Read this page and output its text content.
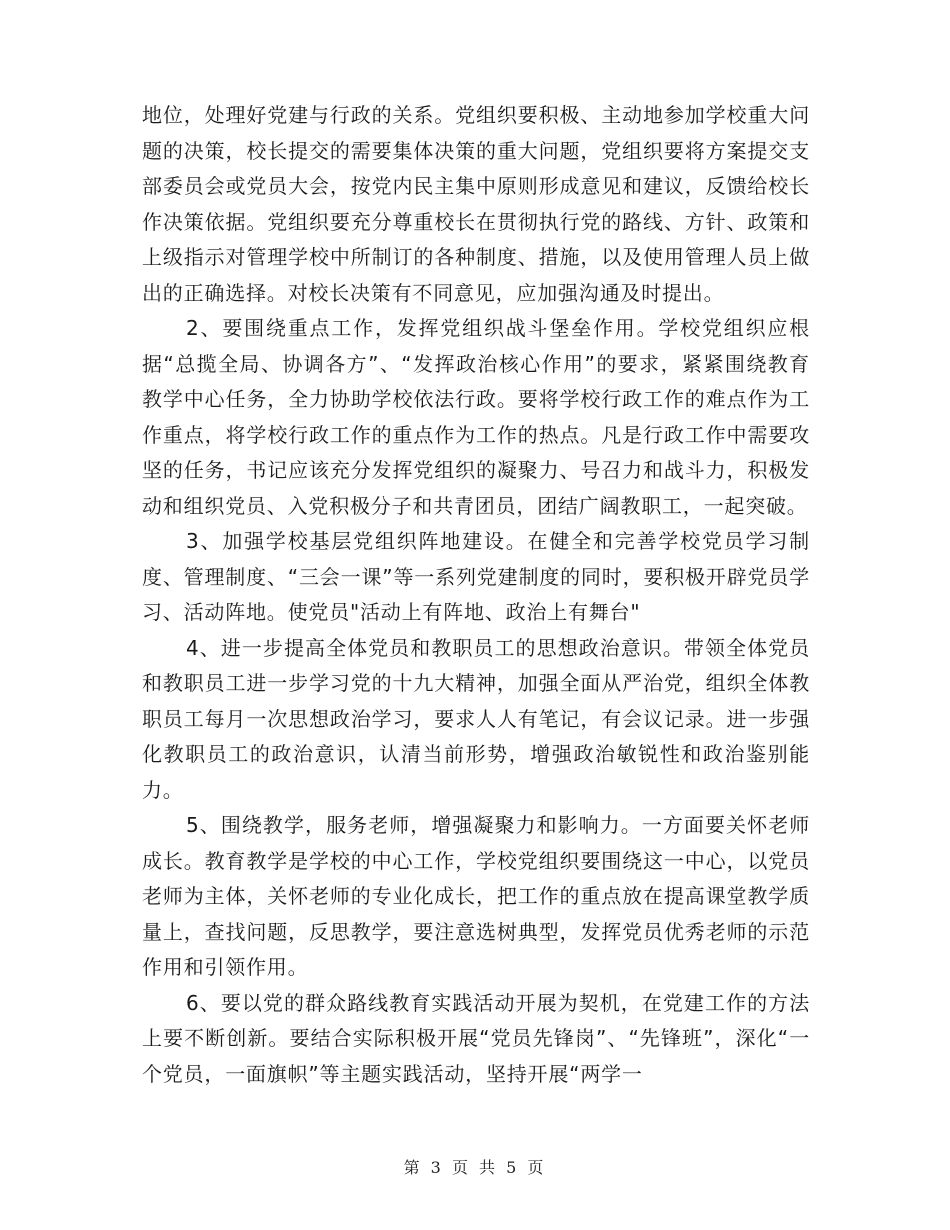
地位，处理好党建与行政的关系。党组织要积极、主动地参加学校重大问题的决策，校长提交的需要集体决策的重大问题，党组织要将方案提交支部委员会或党员大会，按党内民主集中原则形成意见和建议，反馈给校长作决策依据。党组织要充分尊重校长在贯彻执行党的路线、方针、政策和上级指示对管理学校中所制订的各种制度、措施，以及使用管理人员上做出的正确选择。对校长决策有不同意见，应加强沟通及时提出。

2、要围绕重点工作，发挥党组织战斗堡垒作用。学校党组织应根据“总揽全局、协调各方”、“发挥政治核心作用”的要求，紧紧围绕教育教学中心任务，全力协助学校依法行政。要将学校行政工作的难点作为工作重点，将学校行政工作的重点作为工作的热点。凡是行政工作中需要攻坚的任务，书记应该充分发挥党组织的凝聚力、号召力和战斗力，积极发动和组织党员、入党积极分子和共青团员，团结广阔教职工，一起突破。

3、加强学校基层党组织阵地建设。在健全和完善学校党员学习制度、管理制度、“三会一课”等一系列党建制度的同时，要积极开辟党员学习、活动阵地。使党员"活动上有阵地、政治上有舞台"

4、进一步提高全体党员和教职员工的思想政治意识。带领全体党员和教职员工进一步学习党的十九大精神，加强全面从严治党，组织全体教职员工每月一次思想政治学习，要求人人有笔记，有会议记录。进一步强化教职员工的政治意识，认清当前形势，增强政治敏锐性和政治鉴别能力。

5、围绕教学，服务老师，增强凝聚力和影响力。一方面要关怀老师成长。教育教学是学校的中心工作，学校党组织要围绕这一中心，以党员老师为主体，关怀老师的专业化成长，把工作的重点放在提高课堂教学质量上，查找问题，反思教学，要注意选树典型，发挥党员优秀老师的示范作用和引领作用。

6、要以党的群众路线教育实践活动开展为契机，在党建工作的方法上要不断创新。要结合实际积极开展“党员先锋岗”、“先锋班”，深化“一个党员，一面旗帜”等主题实践活动，坚持开展“两学一

第 3 页 共 5 页
